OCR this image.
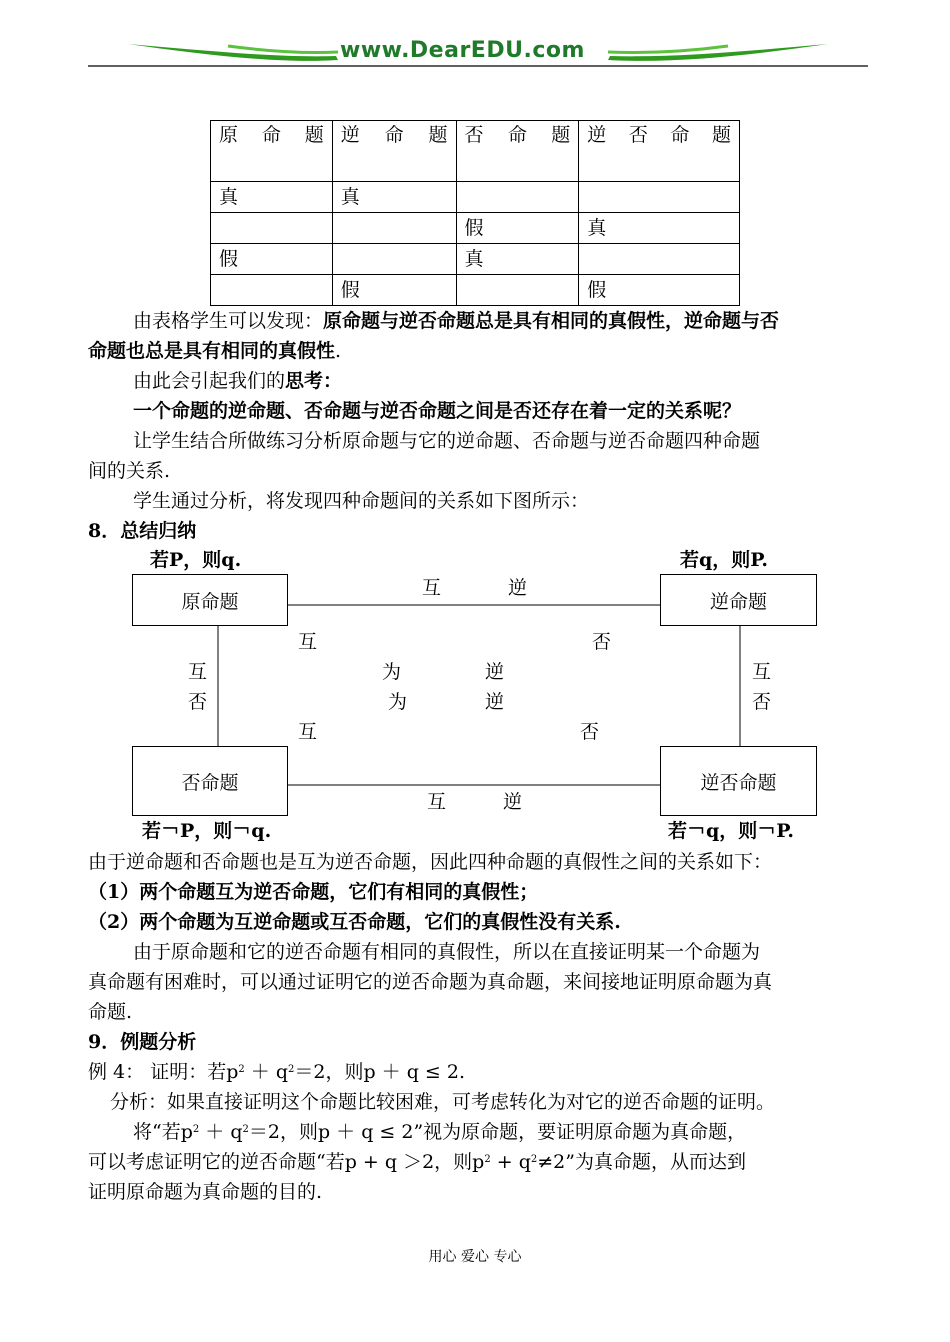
www.DearEDU.com
原命题	逆命题	否命题	逆否命题
真	真		
		假	真
假		真	
	假		假
由表格学生可以发现：原命题与逆否命题总是具有相同的真假性，逆命题与否
命题也总是具有相同的真假性.
由此会引起我们的思考：
一个命题的逆命题、否命题与逆否命题之间是否还存在着一定的关系呢？
让学生结合所做练习分析原命题与它的逆命题、否命题与逆否命题四种命题
间的关系.
学生通过分析，将发现四种命题间的关系如下图所示：
8．总结归纳
若P，则q.	若q，则P.
原命题	逆命题
否命题	逆否命题
互	逆
互	否
互	为	逆	互
否	为	逆	否
互	否
互	逆
若￢P，则￢q.	若￢q，则￢P.
由于逆命题和否命题也是互为逆否命题，因此四种命题的真假性之间的关系如下：
（1）两个命题互为逆否命题，它们有相同的真假性；
（2）两个命题为互逆命题或互否命题，它们的真假性没有关系.
由于原命题和它的逆否命题有相同的真假性，所以在直接证明某一个命题为
真命题有困难时，可以通过证明它的逆否命题为真命题，来间接地证明原命题为真
命题.
9．例题分析
例 4： 证明：若$p^2 + q^2=2$，则p ＋ q ≤ 2.
分析：如果直接证明这个命题比较困难，可考虑转化为对它的逆否命题的证明。
将“若$p^2 + q^2=2$，则p ＋ q ≤ 2”视为原命题，要证明原命题为真命题，
可以考虑证明它的逆否命题“若p + q ＞2，则$p^2 + q^2\ne 2$”为真命题，从而达到
证明原命题为真命题的目的.
用心 爱心 专心
